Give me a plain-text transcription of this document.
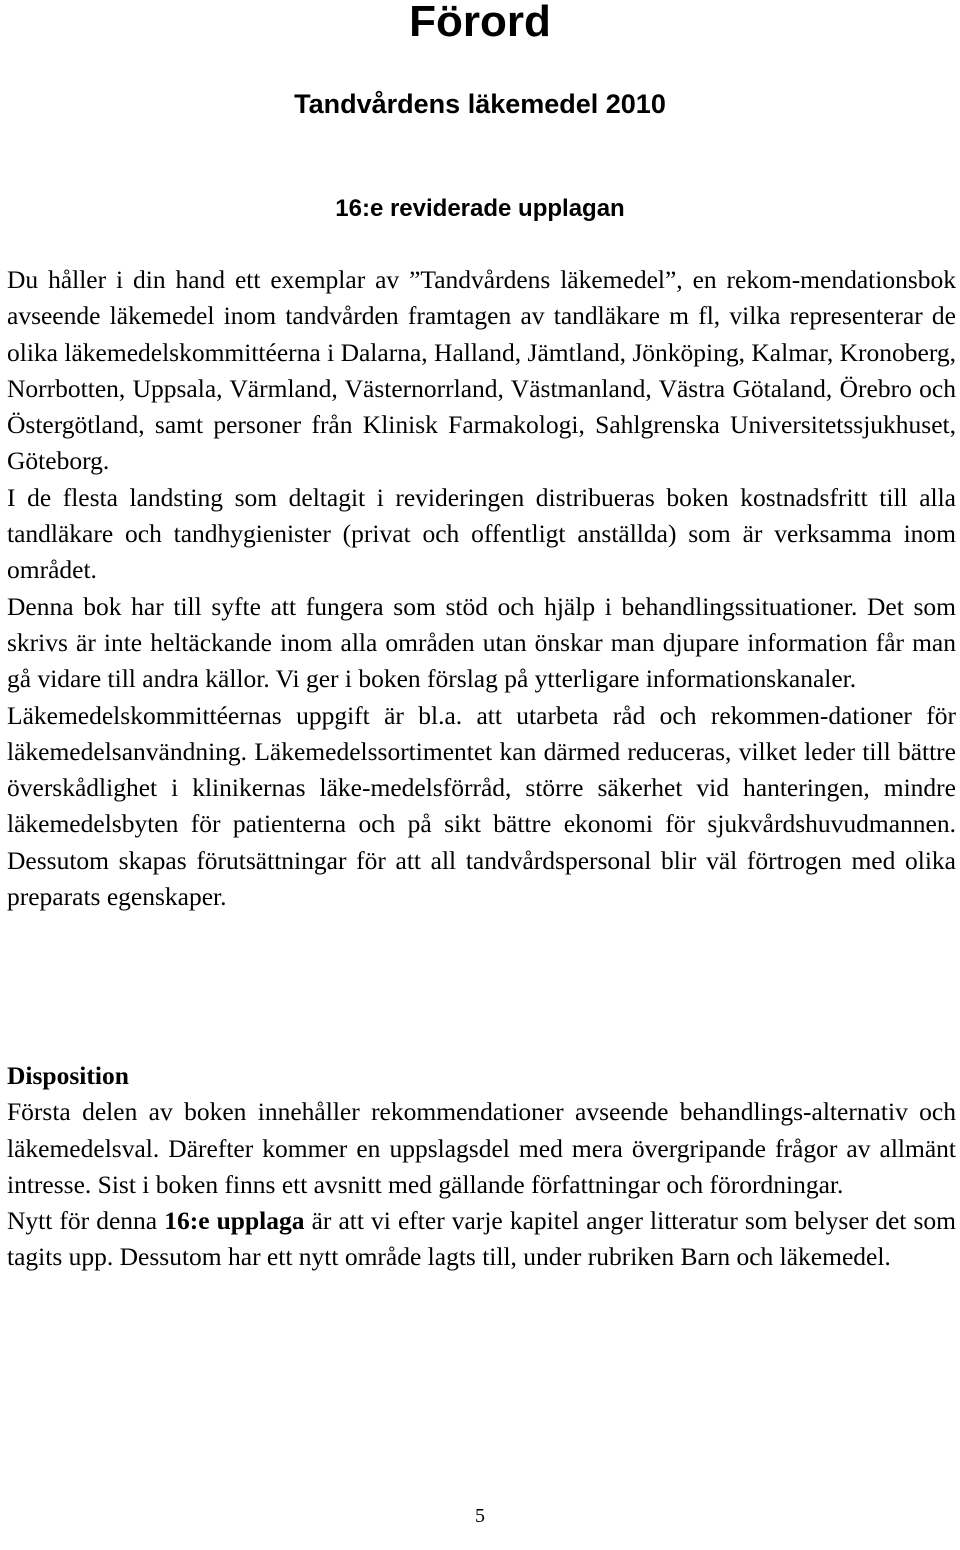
Förord
Tandvårdens läkemedel 2010
16:e reviderade upplagan

Du håller i din hand ett exemplar av ”Tandvårdens läkemedel”, en rekom-mendationsbok avseende läkemedel inom tandvården framtagen av tandläkare m fl, vilka representerar de olika läkemedelskommittéerna i Dalarna, Halland, Jämtland, Jönköping, Kalmar, Kronoberg, Norrbotten, Uppsala, Värmland, Västernorrland, Västmanland, Västra Götaland, Örebro och Östergötland, samt personer från Klinisk Farmakologi, Sahlgrenska Universitetssjukhuset, Göteborg.

I de flesta landsting som deltagit i revideringen distribueras boken kostnadsfritt till alla tandläkare och tandhygienister (privat och offentligt anställda) som är verksamma inom området.

Denna bok har till syfte att fungera som stöd och hjälp i behandlingssituationer. Det som skrivs är inte heltäckande inom alla områden utan önskar man djupare information får man gå vidare till andra källor. Vi ger i boken förslag på ytterligare informationskanaler.

Läkemedelskommittéernas uppgift är bl.a. att utarbeta råd och rekommen-dationer för läkemedelsanvändning. Läkemedelssortimentet kan därmed reduceras, vilket leder till bättre överskådlighet i klinikernas läke-medelsförråd, större säkerhet vid hanteringen, mindre läkemedelsbyten för patienterna och på sikt bättre ekonomi för sjukvårdshuvudmannen. Dessutom skapas förutsättningar för att all tandvårdspersonal blir väl förtrogen med olika preparats egenskaper.

Disposition

Första delen av boken innehåller rekommendationer avseende behandlings-alternativ och läkemedelsval. Därefter kommer en uppslagsdel med mera övergripande frågor av allmänt intresse. Sist i boken finns ett avsnitt med gällande författningar och förordningar.

Nytt för denna 16:e upplaga är att vi efter varje kapitel anger litteratur som belyser det som tagits upp. Dessutom har ett nytt område lagts till, under rubriken Barn och läkemedel.

5
